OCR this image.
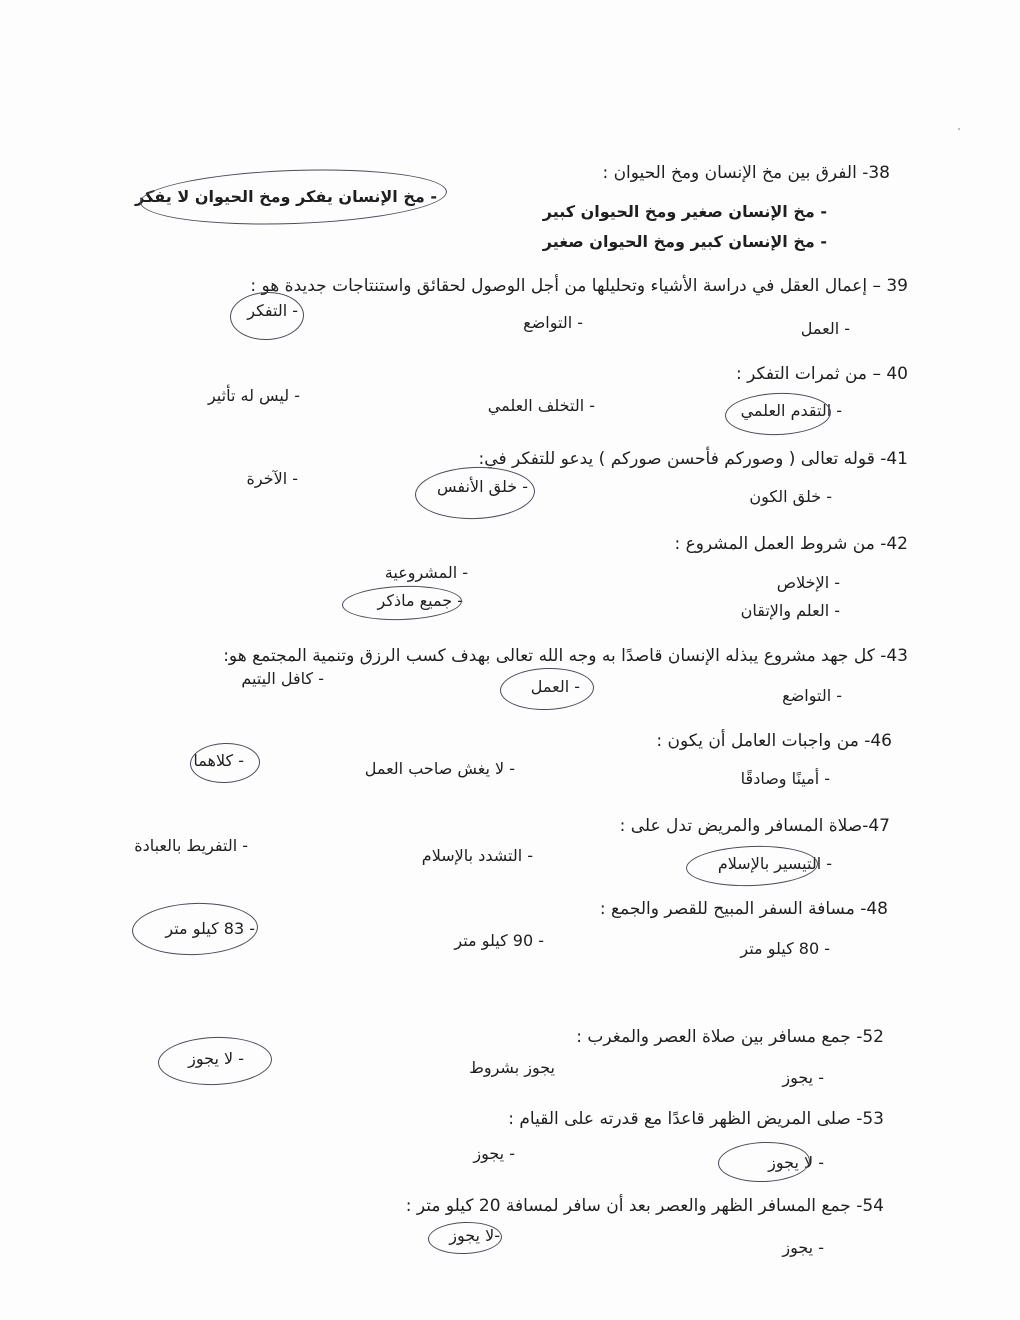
38- الفرق بين مخ الإنسان ومخ الحيوان :
- مخ الإنسان صغير ومخ الحيوان كبير
- مخ الإنسان كبير ومخ الحيوان صغير
- مخ الإنسان يفكر ومخ الحيوان لا يفكر
39 – إعمال العقل في دراسة الأشياء وتحليلها من أجل الوصول لحقائق واستنتاجات جديدة هو :
- العمل
- التواضع
- التفكر
40 – من ثمرات التفكر :
- التقدم العلمي
- التخلف العلمي
- ليس له تأثير
41- قوله تعالى ( وصوركم فأحسن صوركم ) يدعو للتفكر في:
- خلق الكون
- خلق الأنفس
- الآخرة
42- من شروط العمل المشروع :
- الإخلاص
- العلم والإتقان
- المشروعية
- جميع ماذكر
43- كل جهد مشروع يبذله الإنسان قاصدًا به وجه الله تعالى بهدف كسب الرزق وتنمية المجتمع هو:
- التواضع
- العمل
- كافل اليتيم
46- من واجبات العامل أن يكون :
- أمينًا وصادقًا
- لا يغش صاحب العمل
- كلاهما
47-صلاة المسافر والمريض تدل على :
- التيسير بالإسلام
- التشدد بالإسلام
- التفريط بالعبادة
48- مسافة السفر المبيح للقصر والجمع :
- 80 كيلو متر
- 90 كيلو متر
- 83 كيلو متر
52- جمع مسافر بين صلاة العصر والمغرب :
- يجوز
يجوز بشروط
- لا يجوز
53- صلى المريض الظهر قاعدًا مع قدرته على القيام :
- لا يجوز
- يجوز
54- جمع المسافر الظهر والعصر بعد أن سافر لمسافة 20 كيلو متر :
- يجوز
-لا يجوز
